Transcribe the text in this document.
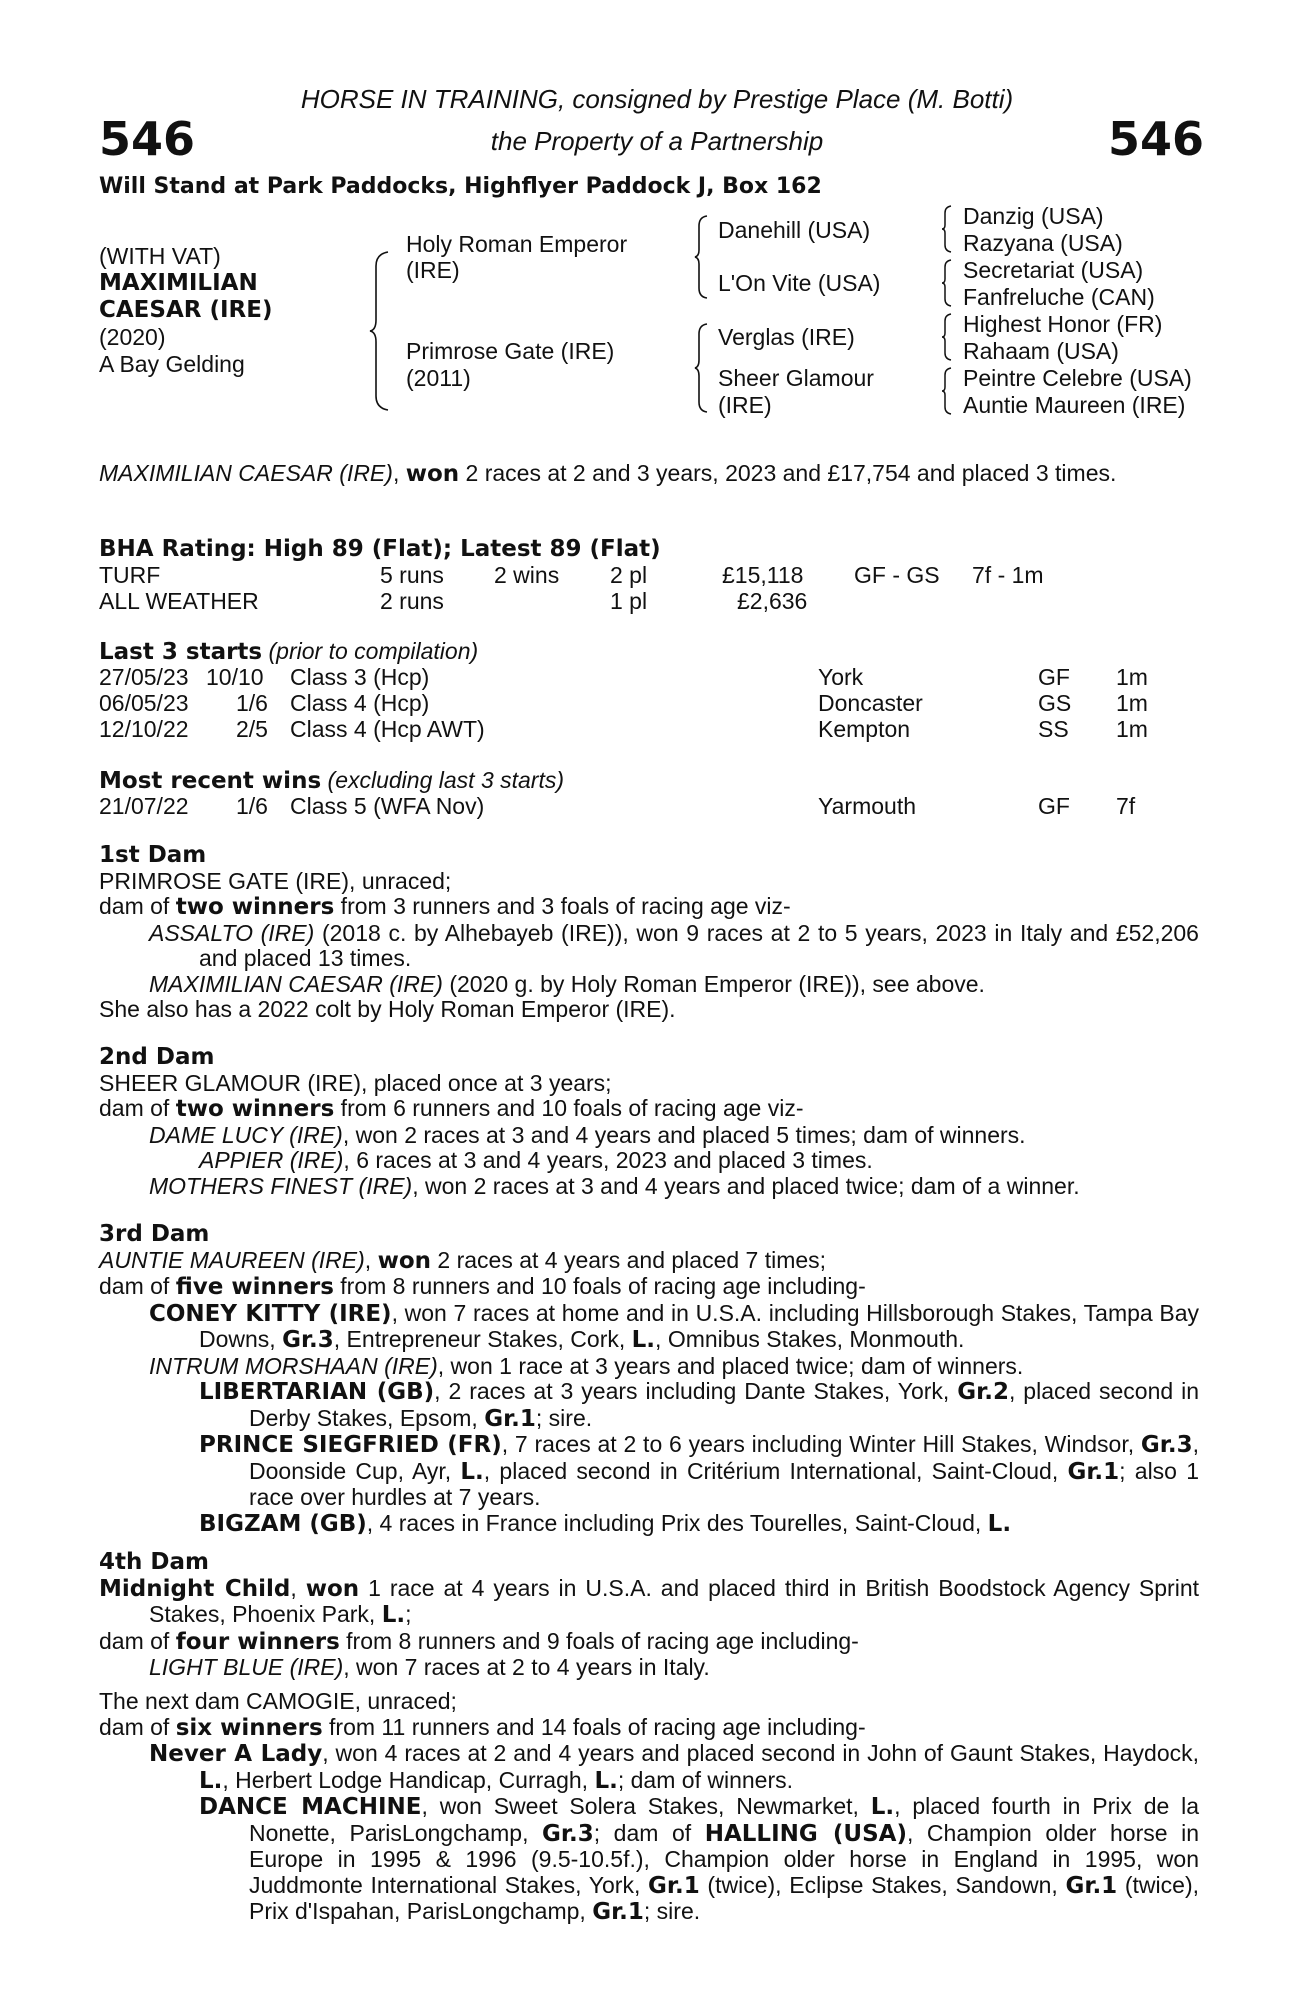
546	546
HORSE IN TRAINING, consigned by Prestige Place (M. Botti)
the Property of a Partnership
Will Stand at Park Paddocks, Highflyer Paddock J, Box 162
(WITH VAT)
MAXIMILIAN
CAESAR (IRE)
(2020)
A Bay Gelding
Holy Roman Emperor
(IRE)
Primrose Gate (IRE)
(2011)
Danehill (USA)
L'On Vite (USA)
Verglas (IRE)
Sheer Glamour
(IRE)
Danzig (USA)
Razyana (USA)
Secretariat (USA)
Fanfreluche (CAN)
Highest Honor (FR)
Rahaam (USA)
Peintre Celebre (USA)
Auntie Maureen (IRE)

MAXIMILIAN CAESAR (IRE), won 2 races at 2 and 3 years, 2023 and £17,754 and placed 3 times.

BHA Rating: High 89 (Flat); Latest 89 (Flat)
TURF	5 runs 2 wins 2 pl	£15,118 GF - GS 7f - 1m
ALL WEATHER	2 runs	1 pl	£2,636
Last 3 starts (prior to compilation)
27/05/23 10/10 Class 3 (Hcp)	York	GF 1m
06/05/23 1/6 Class 4 (Hcp)	Doncaster	GS 1m
12/10/22 2/5 Class 4 (Hcp AWT)	Kempton	SS 1m
Most recent wins (excluding last 3 starts)
21/07/22 1/6 Class 5 (WFA Nov)	Yarmouth	GF 7f

1st Dam

PRIMROSE GATE (IRE), unraced;

dam of two winners from 3 runners and 3 foals of racing age viz-

ASSALTO (IRE) (2018 c. by Alhebayeb (IRE)), won 9 races at 2 to 5 years, 2023 in Italy and £52,206 and placed 13 times.

MAXIMILIAN CAESAR (IRE) (2020 g. by Holy Roman Emperor (IRE)), see above.

She also has a 2022 colt by Holy Roman Emperor (IRE).

2nd Dam

SHEER GLAMOUR (IRE), placed once at 3 years;

dam of two winners from 6 runners and 10 foals of racing age viz-

DAME LUCY (IRE), won 2 races at 3 and 4 years and placed 5 times; dam of winners.

APPIER (IRE), 6 races at 3 and 4 years, 2023 and placed 3 times.

MOTHERS FINEST (IRE), won 2 races at 3 and 4 years and placed twice; dam of a winner.

3rd Dam

AUNTIE MAUREEN (IRE), won 2 races at 4 years and placed 7 times;

dam of five winners from 8 runners and 10 foals of racing age including-

CONEY KITTY (IRE), won 7 races at home and in U.S.A. including Hillsborough Stakes, Tampa Bay Downs, Gr.3, Entrepreneur Stakes, Cork, L., Omnibus Stakes, Monmouth.

INTRUM MORSHAAN (IRE), won 1 race at 3 years and placed twice; dam of winners.

LIBERTARIAN (GB), 2 races at 3 years including Dante Stakes, York, Gr.2, placed second in Derby Stakes, Epsom, Gr.1; sire.

PRINCE SIEGFRIED (FR), 7 races at 2 to 6 years including Winter Hill Stakes, Windsor, Gr.3, Doonside Cup, Ayr, L., placed second in Critérium International, Saint-Cloud, Gr.1; also 1 race over hurdles at 7 years.

BIGZAM (GB), 4 races in France including Prix des Tourelles, Saint-Cloud, L.

4th Dam

Midnight Child, won 1 race at 4 years in U.S.A. and placed third in British Boodstock Agency Sprint Stakes, Phoenix Park, L.;

dam of four winners from 8 runners and 9 foals of racing age including-

LIGHT BLUE (IRE), won 7 races at 2 to 4 years in Italy.

The next dam CAMOGIE, unraced;

dam of six winners from 11 runners and 14 foals of racing age including-

Never A Lady, won 4 races at 2 and 4 years and placed second in John of Gaunt Stakes, Haydock, L., Herbert Lodge Handicap, Curragh, L.; dam of winners.

DANCE MACHINE, won Sweet Solera Stakes, Newmarket, L., placed fourth in Prix de la Nonette, ParisLongchamp, Gr.3; dam of HALLING (USA), Champion older horse in Europe in 1995 & 1996 (9.5-10.5f.), Champion older horse in England in 1995, won Juddmonte International Stakes, York, Gr.1 (twice), Eclipse Stakes, Sandown, Gr.1 (twice), Prix d'Ispahan, ParisLongchamp, Gr.1; sire.
